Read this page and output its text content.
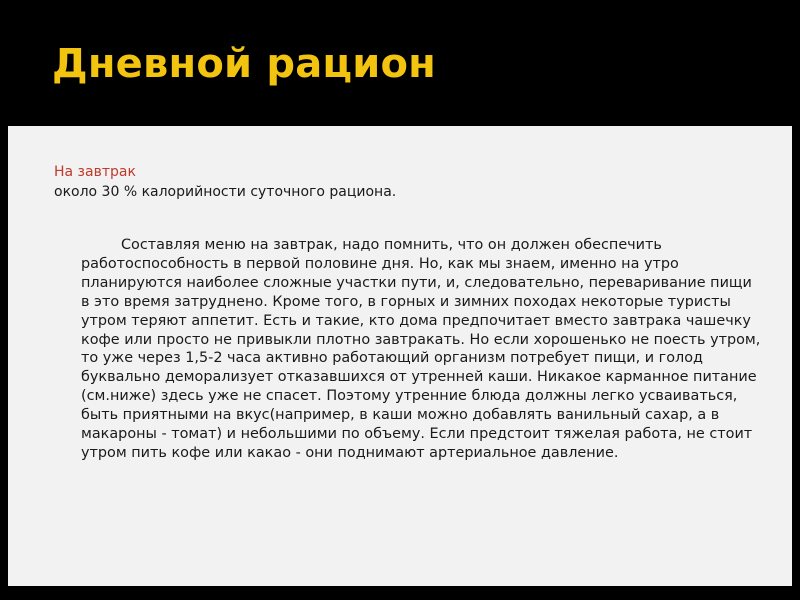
Дневной рацион

На завтрак

около 30 % калорийности суточного рациона.

Составляя меню на завтрак, надо помнить, что он должен обеспечить работоспособность в первой половине дня. Но, как мы знаем, именно на утро планируются наиболее сложные участки пути, и, следовательно, переваривание пищи в это время затруднено. Кроме того, в горных и зимних походах некоторые туристы утром теряют аппетит. Есть и такие, кто дома предпочитает вместо завтрака чашечку кофе или просто не привыкли плотно завтракать. Но если хорошенько не поесть утром, то уже через 1,5-2 часа активно работающий организм потребует пищи, и голод буквально деморализует отказавшихся от утренней каши. Никакое карманное питание (см.ниже) здесь уже не спасет. Поэтому утренние блюда должны легко усваиваться, быть приятными на вкус(например, в каши можно добавлять ванильный сахар, а в макароны - томат) и небольшими по объему. Если предстоит тяжелая работа, не стоит утром пить кофе или какао - они поднимают артериальное давление.
